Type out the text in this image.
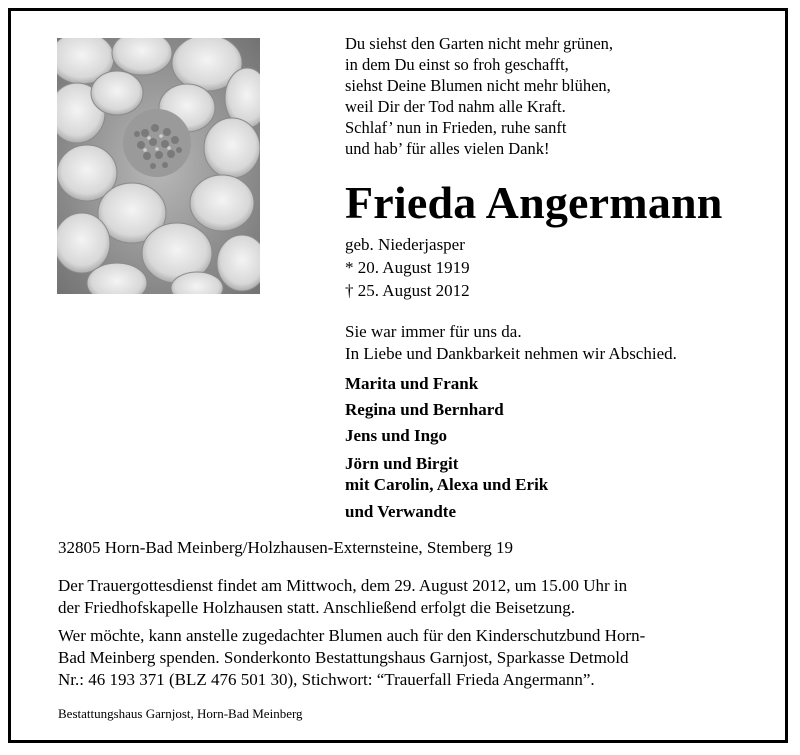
Du siehst den Garten nicht mehr grünen,
in dem Du einst so froh geschafft,
siehst Deine Blumen nicht mehr blühen,
weil Dir der Tod nahm alle Kraft.
Schlaf’ nun in Frieden, ruhe sanft
und hab’ für alles vielen Dank!
Frieda Angermann
geb. Niederjasper
* 20. August 1919
† 25. August 2012
Sie war immer für uns da.
In Liebe und Dankbarkeit nehmen wir Abschied.
Marita und Frank
Regina und Bernhard
Jens und Ingo
Jörn und Birgit
mit Carolin, Alexa und Erik
und Verwandte
32805 Horn-Bad Meinberg/Holzhausen-Externsteine, Stemberg 19
Der Trauergottesdienst findet am Mittwoch, dem 29. August 2012, um 15.00 Uhr in
der Friedhofskapelle Holzhausen statt. Anschließend erfolgt die Beisetzung.
Wer möchte, kann anstelle zugedachter Blumen auch für den Kinderschutzbund Horn-
Bad Meinberg spenden. Sonderkonto Bestattungshaus Garnjost, Sparkasse Detmold
Nr.: 46 193 371 (BLZ 476 501 30), Stichwort: “Trauerfall Frieda Angermann”.
Bestattungshaus Garnjost, Horn-Bad Meinberg
